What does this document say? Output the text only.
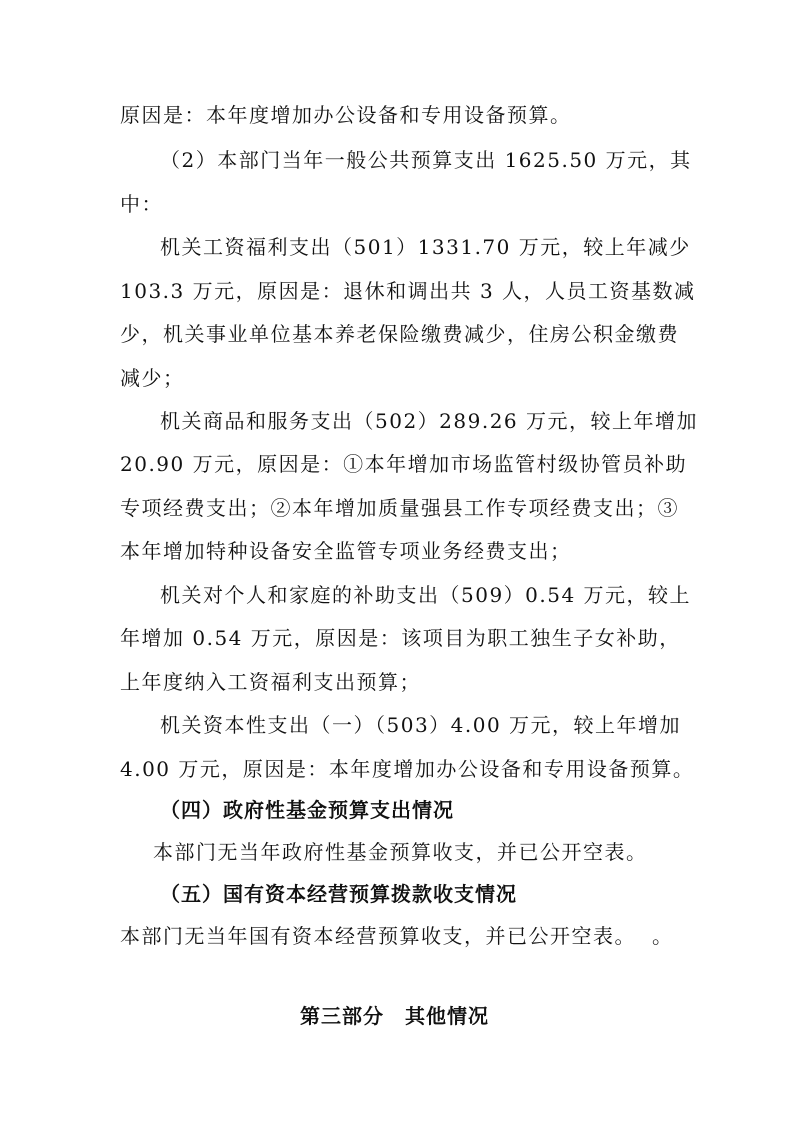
原因是：本年度增加办公设备和专用设备预算。
（2）本部门当年一般公共预算支出 1625.50 万元，其
中：
机关工资福利支出（501）1331.70 万元，较上年减少
103.3 万元，原因是：退休和调出共 3 人，人员工资基数减
少，机关事业单位基本养老保险缴费减少，住房公积金缴费
减少；
机关商品和服务支出（502）289.26 万元，较上年增加
20.90 万元，原因是：①本年增加市场监管村级协管员补助
专项经费支出；②本年增加质量强县工作专项经费支出；③
本年增加特种设备安全监管专项业务经费支出；
机关对个人和家庭的补助支出（509）0.54 万元，较上
年增加 0.54 万元，原因是：该项目为职工独生子女补助，
上年度纳入工资福利支出预算；
机关资本性支出（一）（503）4.00 万元，较上年增加
4.00 万元，原因是：本年度增加办公设备和专用设备预算。
（四）政府性基金预算支出情况
本部门无当年政府性基金预算收支，并已公开空表。
（五）国有资本经营预算拨款收支情况
本部门无当年国有资本经营预算收支，并已公开空表。 。
第三部分　其他情况
